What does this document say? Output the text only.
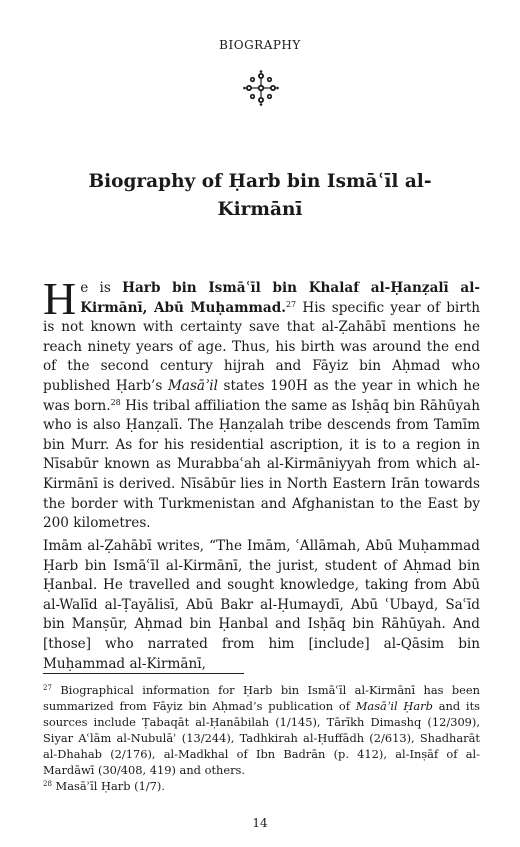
BIOGRAPHY
Biography of Ḥarb bin Ismāʿīl al-
Kirmānī
He is Harb bin Ismāʿīl bin Khalaf al-Ḥanẓalī al-Kirmānī, Abū Muḥammad.$^{27}$ His specific year of birth is not known with certainty save that al-Ẓahābī mentions he reach ninety years of age. Thus, his birth was around the end of the second century hijrah and Fāyiz bin Aḥmad who published Ḥarb’s Masāʾil states 190H as the year in which he was born.$^{28}$ His tribal affiliation the same as Isḥāq bin Rāhūyah who is also Ḥanẓalī. The Ḥanẓalah tribe descends from Tamīm bin Murr. As for his residential ascription, it is to a region in Nīsabūr known as Murabbaʿah al-Kirmāniyyah from which al-Kirmānī is derived. Nīsābūr lies in North Eastern Irān towards the border with Turkmenistan and Afghanistan to the East by 200 kilometres.
Imām al-Ẓahābī writes, “The Imām, ʿAllāmah, Abū Muḥammad Ḥarb bin Ismāʿīl al-Kirmānī, the jurist, student of Aḥmad bin Ḥanbal. He travelled and sought knowledge, taking from Abū al-Walīd al-Ṭayālisī, Abū Bakr al-Ḥumaydī, Abū ʿUbayd, Saʿīd bin Manṣūr, Aḥmad bin Ḥanbal and Isḥāq bin Rāhūyah. And [those] who narrated from him [include] al-Qāsim bin Muḥammad al-Kirmānī,
$^{27}$ Biographical information for Ḥarb bin Ismāʿīl al-Kirmānī has been summarized from Fāyiz bin Aḥmad’s publication of Masāʾil Ḥarb and its sources include Ṭabaqāt al-Ḥanābilah (1/145), Tārīkh Dimashq (12/309), Siyar Aʿlām al-Nubulāʾ (13/244), Tadhkirah al-Ḥuffādh (2/613), Shadharāt al-Dhahab (2/176), al-Madkhal of Ibn Badrān (p. 412), al-Inṣāf of al-Mardāwī (30/408, 419) and others.
$^{28}$ Masāʾīl Ḥarb (1/7).
14
